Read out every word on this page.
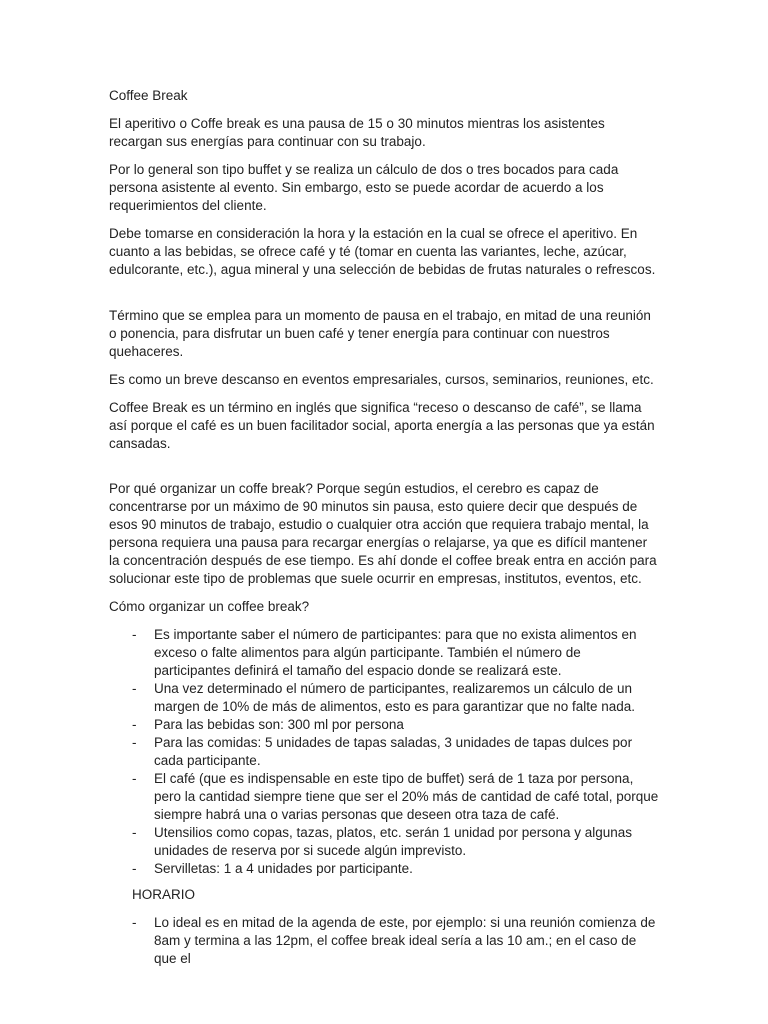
Coffee Break

El aperitivo o Coffe break es una pausa de 15 o 30 minutos mientras los asistentes recargan sus energías para continuar con su trabajo.

Por lo general son tipo buffet y se realiza un cálculo de dos o tres bocados para cada persona asistente al evento. Sin embargo, esto se puede acordar de acuerdo a los requerimientos del cliente.

Debe tomarse en consideración la hora y la estación en la cual se ofrece el aperitivo. En cuanto a las bebidas, se ofrece café y té (tomar en cuenta las variantes, leche, azúcar, edulcorante, etc.), agua mineral y una selección de bebidas de frutas naturales o refrescos.

Término que se emplea para un momento de pausa en el trabajo, en mitad de una reunión o ponencia, para disfrutar un buen café y tener energía para continuar con nuestros quehaceres.

Es como un breve descanso en eventos empresariales, cursos, seminarios, reuniones, etc.

Coffee Break es un término en inglés que significa “receso o descanso de café”, se llama así porque el café es un buen facilitador social, aporta energía a las personas que ya están cansadas.

Por qué organizar un coffe break? Porque según estudios, el cerebro es capaz de concentrarse por un máximo de 90 minutos sin pausa, esto quiere decir que después de esos 90 minutos de trabajo, estudio o cualquier otra acción que requiera trabajo mental, la persona requiera una pausa para recargar energías o relajarse, ya que es difícil mantener la concentración después de ese tiempo. Es ahí donde el coffee break entra en acción para solucionar este tipo de problemas que suele ocurrir en empresas, institutos, eventos, etc.

Cómo organizar un coffee break?

- Es importante saber el número de participantes: para que no exista alimentos en exceso o falte alimentos para algún participante. También el número de participantes definirá el tamaño del espacio donde se realizará este.
- Una vez determinado el número de participantes, realizaremos un cálculo de un margen de 10% de más de alimentos, esto es para garantizar que no falte nada.
- Para las bebidas son: 300 ml por persona
- Para las comidas: 5 unidades de tapas saladas, 3 unidades de tapas dulces por cada participante.
- El café (que es indispensable en este tipo de buffet) será de 1 taza por persona, pero la cantidad siempre tiene que ser el 20% más de cantidad de café total, porque siempre habrá una o varias personas que deseen otra taza de café.
- Utensilios como copas, tazas, platos, etc. serán 1 unidad por persona y algunas unidades de reserva por si sucede algún imprevisto.
- Servilletas: 1 a 4 unidades por participante.

HORARIO

- Lo ideal es en mitad de la agenda de este, por ejemplo: si una reunión comienza de 8am y termina a las 12pm, el coffee break ideal sería a las 10 am.; en el caso de que el
